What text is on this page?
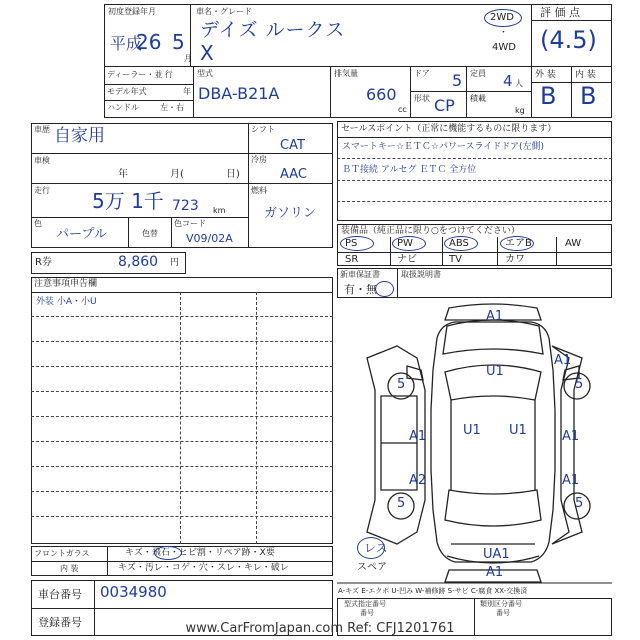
初度登録年月
平成
26 5
月
車名・グレード
デイズ ルークス
X
2WD
・
4WD
評 価 点
(4.5)
ディーラー・並 行
モデル年式	年
ハンドル	左・右
型式
DBA-B21A
排気量
660
cc
ドア 5 定員 4 人
形状 CP 積載
kg
外 装 内 装
B B
車歴 自家用
車検
年	月(	日)
走行 5万 1千 723 km
色
パープル	色替
色コード
V09/02A
シフト
CAT
冷房
AAC
燃料
ガソリン
R券	8,860 円
セールスポイント（正常に機能するものに限ります）
スマートキー☆ＥＴＣ☆パワースライドドア(左側)
ＢＴ接続 アルセグ ＥＴＣ 全方位
装備品（純正品に限り○をつけてください）
PS	PW	ABS	エアB	AW
SR	ナビ	TV	カワ
新車保証書	取扱説明書
有・無
注意事項申告欄
外装 小A・小U
A1
U1
A1
5	5
A1	U1 U1	A1
A2	A1
5	5
UA1
A1
レス
スペア
フロントガラス	キズ・飛石・ヒビ割・リペア跡・X要
内 装	キズ・汚レ・コゲ・穴・スレ・キレ・破レ
車台番号 0034980
登録番号
A-キズ E-エクボ U-凹み W-補修跡 S-サビ C-腐食 XX-交換済
型式指定番号
番号
類別区分番号
番号
www.CarFromJapan.com Ref: CFJ1201761
